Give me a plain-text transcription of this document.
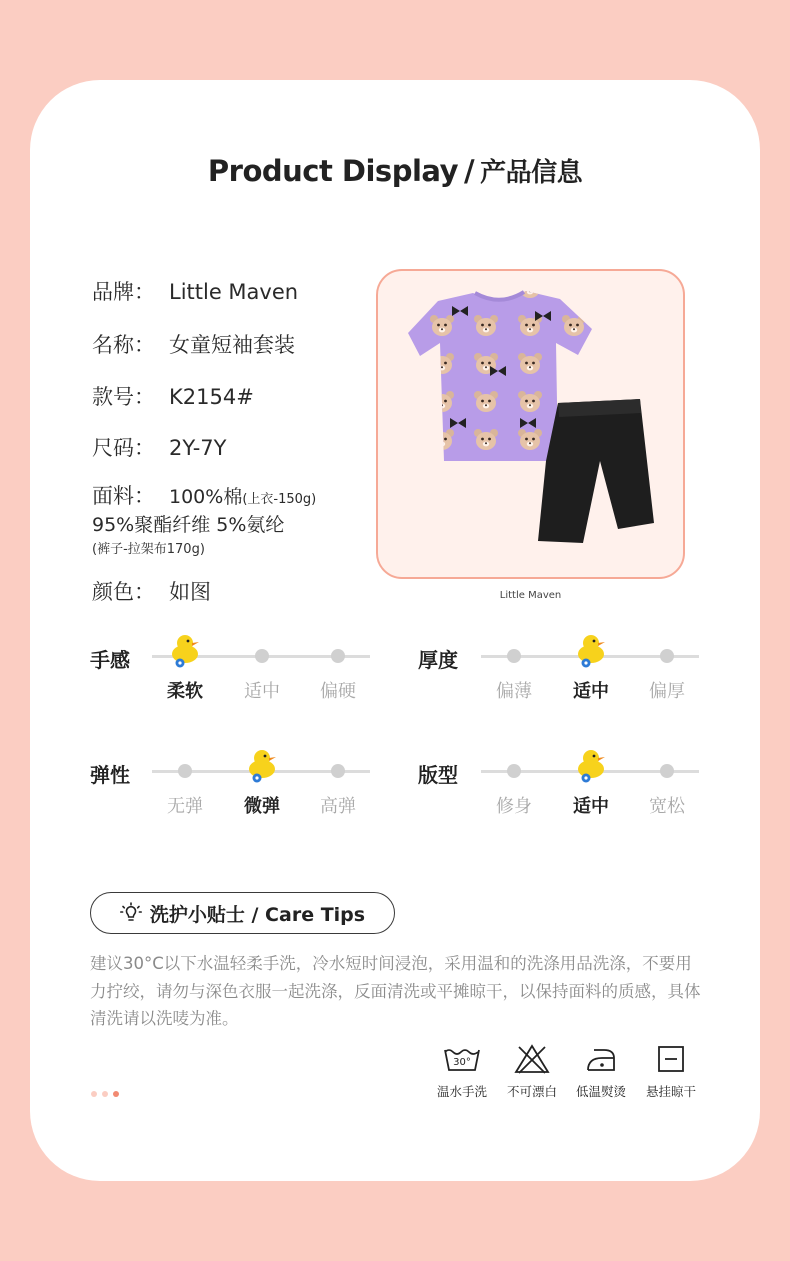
Product Display / 产品信息
品牌： Little Maven
名称： 女童短袖套装
款号： K2154#
尺码： 2Y-7Y
面料： 100%棉(上衣-150g)
95%聚酯纤维 5%氨纶
(裤子-拉架布170g)
颜色： 如图	Little Maven
手感
柔软	适中	偏硬
厚度
偏薄	适中	偏厚
弹性
无弹	微弹	高弹
版型
修身	适中	宽松
洗护小贴士 / Care Tips
建议30°C以下水温轻柔手洗，冷水短时间浸泡，采用温和的洗涤用品洗涤，不要用力拧绞，请勿与深色衣服一起洗涤，反面清洗或平摊晾干，以保持面料的质感，具体清洗请以洗唛为准。
30°
温水手洗	不可漂白	低温熨烫	悬挂晾干
